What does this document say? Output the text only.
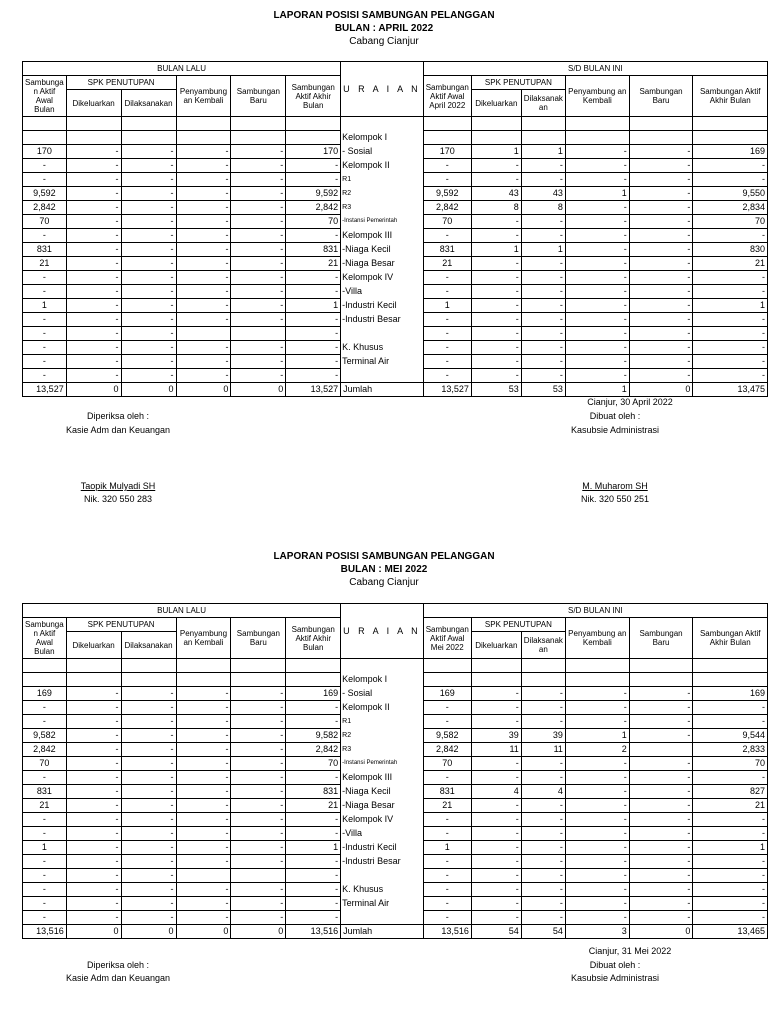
LAPORAN POSISI SAMBUNGAN PELANGGAN
BULAN : APRIL 2022
Cabang Cianjur
BULAN LALU						U R A I A N	S/D BULAN INI					
Sambunga n Aktif Awal Bulan	SPK PENUTUPAN		Penyambung an Kembali	Sambungan Baru	Sambungan Aktif Akhir Bulan		Sambungan Aktif Awal April 2022	SPK PENUTUPAN		Penyambung an Kembali	Sambungan Baru	Sambungan Aktif Akhir Bulan
	Dikeluarkan	Dilaksanakan						Dikeluarkan	Dilaksanak an			

						Kelompok I						
170	-	-	-	-	170	- Sosial	170	1	1	-	-	169
-	-	-	-	-	-	Kelompok II	-	-	-	-	-	-
-	-	-	-	-	-	R1	-	-	-	-	-	-
9,592	-	-	-	-	9,592	R2	9,592	43	43	1	-	9,550
2,842	-	-	-	-	2,842	R3	2,842	8	8	-	-	2,834
70	-	-	-	-	70	-Instansi Pemerintah	70	-	-	-	-	70
-	-	-	-	-	-	Kelompok III	-	-	-	-	-	-
831	-	-	-	-	831	-Niaga Kecil	831	1	1	-	-	830
21	-	-	-	-	21	-Niaga Besar	21	-	-	-	-	21
-	-	-	-	-	-	Kelompok IV	-	-	-	-	-	-
-	-	-	-	-	-	-Villa	-	-	-	-	-	-
1	-	-	-	-	1	-Industri Kecil	1	-	-	-	-	1
-	-	-	-	-	-	-Industri Besar	-	-	-	-	-	-
-	-	-			-		-	-	-	-	-	-
-	-	-	-	-	-	K. Khusus	-	-	-	-	-	-
-	-	-	-	-	-	Terminal Air	-	-	-	-	-	-
-	-	-	-	-	-		-	-	-	-	-	-
13,527	0	0	0	0	13,527	Jumlah	13,527	53	53	1	0	13,475
Cianjur, 30 April 2022
Diperiksa oleh :
Kasie Adm dan Keuangan
Dibuat oleh :
Kasubsie Administrasi
Taopik Mulyadi SH
Nik. 320 550 283
M. Muharom SH
Nik. 320 550 251
LAPORAN POSISI SAMBUNGAN PELANGGAN
BULAN : MEI 2022
Cabang Cianjur
BULAN LALU						U R A I A N	S/D BULAN INI					
Sambunga n Aktif Awal Bulan	SPK PENUTUPAN		Penyambung an Kembali	Sambungan Baru	Sambungan Aktif Akhir Bulan		Sambungan Aktif Awal Mei 2022	SPK PENUTUPAN		Penyambung an Kembali	Sambungan Baru	Sambungan Aktif Akhir Bulan
	Dikeluarkan	Dilaksanakan						Dikeluarkan	Dilaksanak an			

						Kelompok I						
169	-	-	-	-	169	- Sosial	169	-	-	-	-	169
-	-	-	-	-	-	Kelompok II	-	-	-	-	-	-
-	-	-	-	-	-	R1	-	-	-	-	-	-
9,582	-	-	-	-	9,582	R2	9,582	39	39	1	-	9,544
2,842	-	-	-	-	2,842	R3	2,842	11	11	2		2,833
70	-	-	-	-	70	-Instansi Pemerintah	70	-	-	-	-	70
-	-	-	-	-	-	Kelompok III	-	-	-	-	-	-
831	-	-	-	-	831	-Niaga Kecil	831	4	4	-	-	827
21	-	-	-	-	21	-Niaga Besar	21	-	-	-	-	21
-	-	-	-	-	-	Kelompok IV	-	-	-	-	-	-
-	-	-	-	-	-	-Villa	-	-	-	-	-	-
1	-	-	-	-	1	-Industri Kecil	1	-	-	-	-	1
-	-	-	-	-	-	-Industri Besar	-	-	-	-	-	-
-	-	-			-		-	-	-	-	-	-
-	-	-	-	-	-	K. Khusus	-	-	-	-	-	-
-	-	-	-	-	-	Terminal Air	-	-	-	-	-	-
-	-	-	-	-	-		-	-	-	-	-	-
13,516	0	0	0	0	13,516	Jumlah	13,516	54	54	3	0	13,465
Cianjur, 31 Mei 2022
Diperiksa oleh :
Kasie Adm dan Keuangan
Dibuat oleh :
Kasubsie Administrasi
